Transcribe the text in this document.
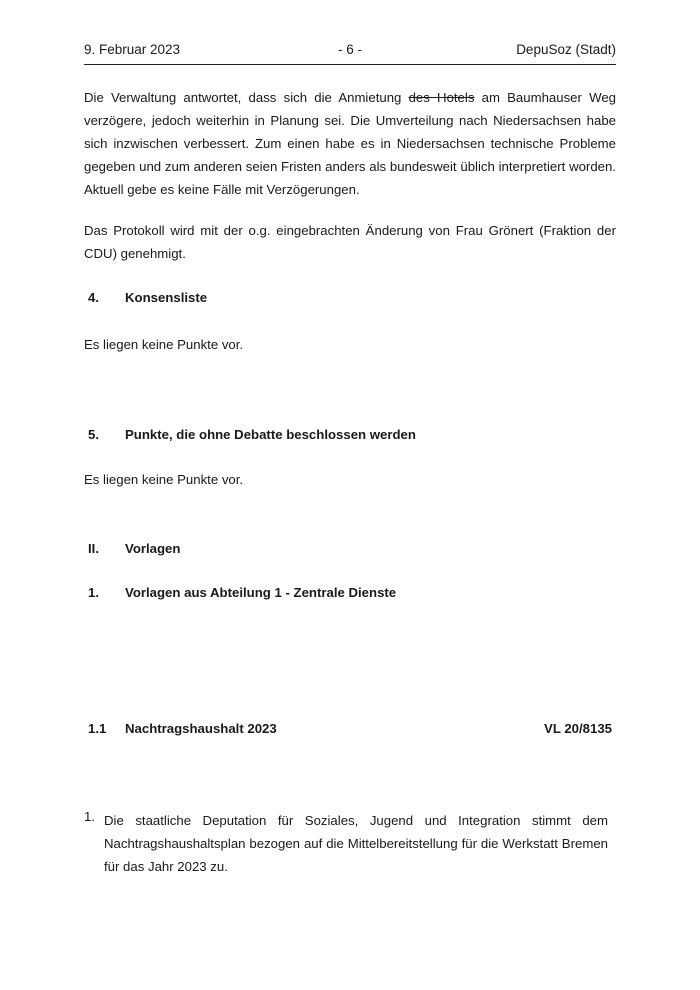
9. Februar 2023	- 6 -	DepuSoz (Stadt)

Die Verwaltung antwortet, dass sich die Anmietung des Hotels am Baumhauser Weg verzögere, jedoch weiterhin in Planung sei. Die Umverteilung nach Niedersachsen habe sich inzwischen verbessert. Zum einen habe es in Niedersachsen technische Probleme gegeben und zum anderen seien Fristen anders als bundesweit üblich interpretiert worden. Aktuell gebe es keine Fälle mit Verzögerungen.

Das Protokoll wird mit der o.g. eingebrachten Änderung von Frau Grönert (Fraktion der CDU) genehmigt.

4. Konsensliste

Es liegen keine Punkte vor.

5. Punkte, die ohne Debatte beschlossen werden

Es liegen keine Punkte vor.

II. Vorlagen
1. Vorlagen aus Abteilung 1 - Zentrale Dienste
1.1 Nachtragshaushalt 2023	VL 20/8135
1. Die staatliche Deputation für Soziales, Jugend und Integration stimmt dem Nachtragshaushaltsplan bezogen auf die Mittelbereitstellung für die Werkstatt Bremen für das Jahr 2023 zu.
